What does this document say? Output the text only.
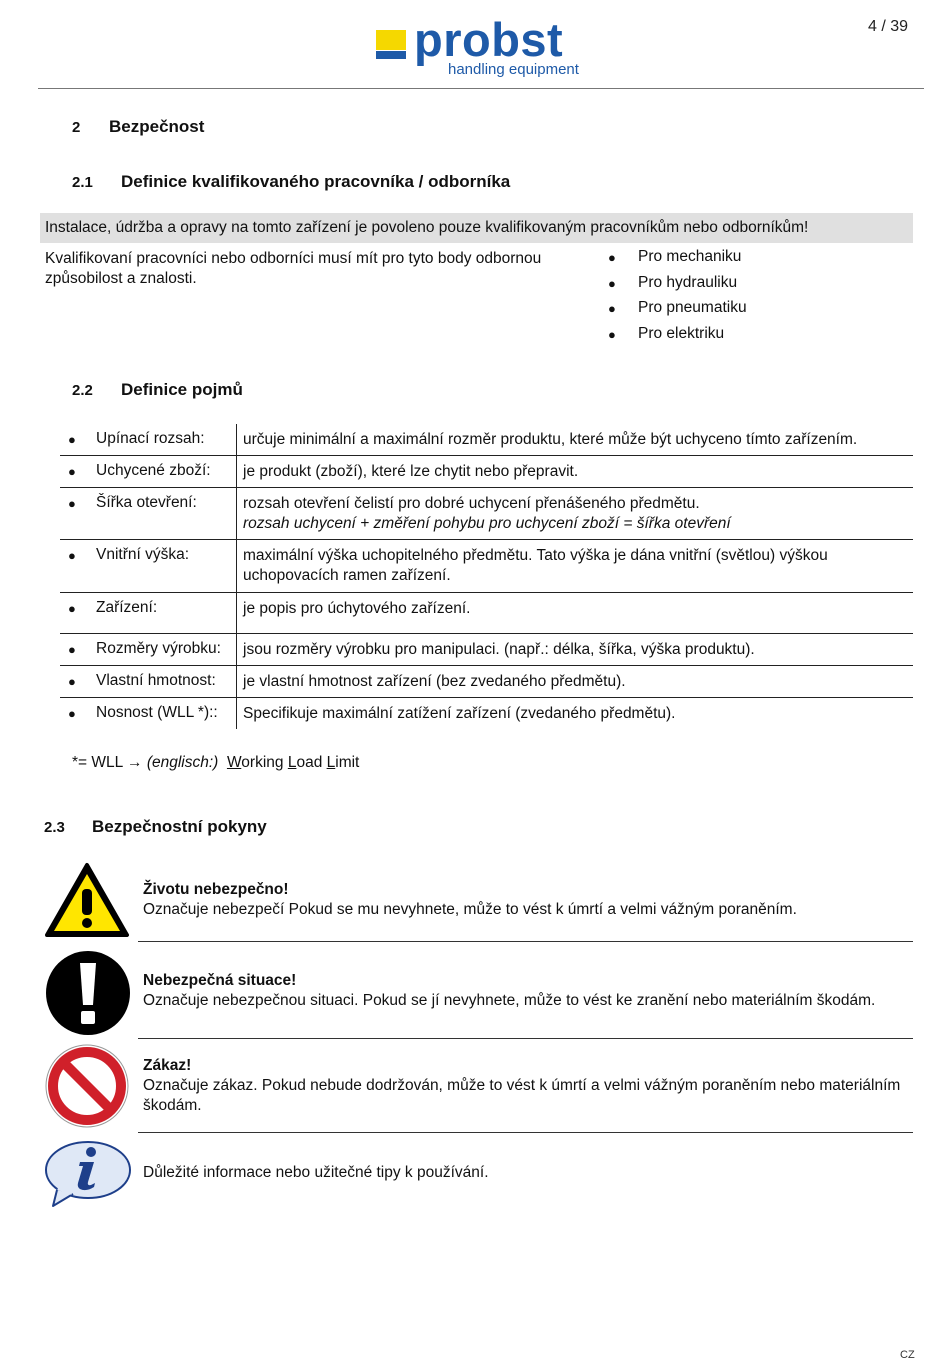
probst
handling equipment
4 / 39
2 Bezpečnost
2.1 Definice kvalifikovaného pracovníka / odborníka
Instalace, údržba a opravy na tomto zařízení je povoleno pouze kvalifikovaným pracovníkům nebo odborníkům!
Kvalifikovaní pracovníci nebo odborníci musí mít pro tyto body odbornou způsobilost a znalosti.
●	Pro mechaniku
●	Pro hydrauliku
●	Pro pneumatiku
●	Pro elektriku
2.2 Definice pojmů
●	Upínací rozsah:	určuje minimální a maximální rozměr produktu, které může být uchyceno tímto zařízením.
●	Uchycené zboží:	je produkt (zboží), které lze chytit nebo přepravit.
●	Šířka otevření:	rozsah otevření čelistí pro dobré uchycení přenášeného předmětu.
rozsah uchycení + změření pohybu pro uchycení zboží = šířka otevření
●	Vnitřní výška:	maximální výška uchopitelného předmětu. Tato výška je dána vnitřní (světlou) výškou uchopovacích ramen zařízení.
●	Zařízení:	je popis pro úchytového zařízení.
●	Rozměry výrobku:	jsou rozměry výrobku pro manipulaci. (např.: délka, šířka, výška produktu).
●	Vlastní hmotnost:	je vlastní hmotnost zařízení (bez zvedaného předmětu).
●	Nosnost (WLL *)::	Specifikuje maximální zatížení zařízení (zvedaného předmětu).
*= WLL → (englisch:) Working Load Limit
2.3 Bezpečnostní pokyny
Životu nebezpečno!
Označuje nebezpečí Pokud se mu nevyhnete, může to vést k úmrtí a velmi vážným poraněním.
Nebezpečná situace!
Označuje nebezpečnou situaci. Pokud se jí nevyhnete, může to vést ke zranění nebo materiálním škodám.
Zákaz!
Označuje zákaz. Pokud nebude dodržován, může to vést k úmrtí a velmi vážným poraněním nebo materiálním škodám.
Důležité informace nebo užitečné tipy k používání.
CZ
